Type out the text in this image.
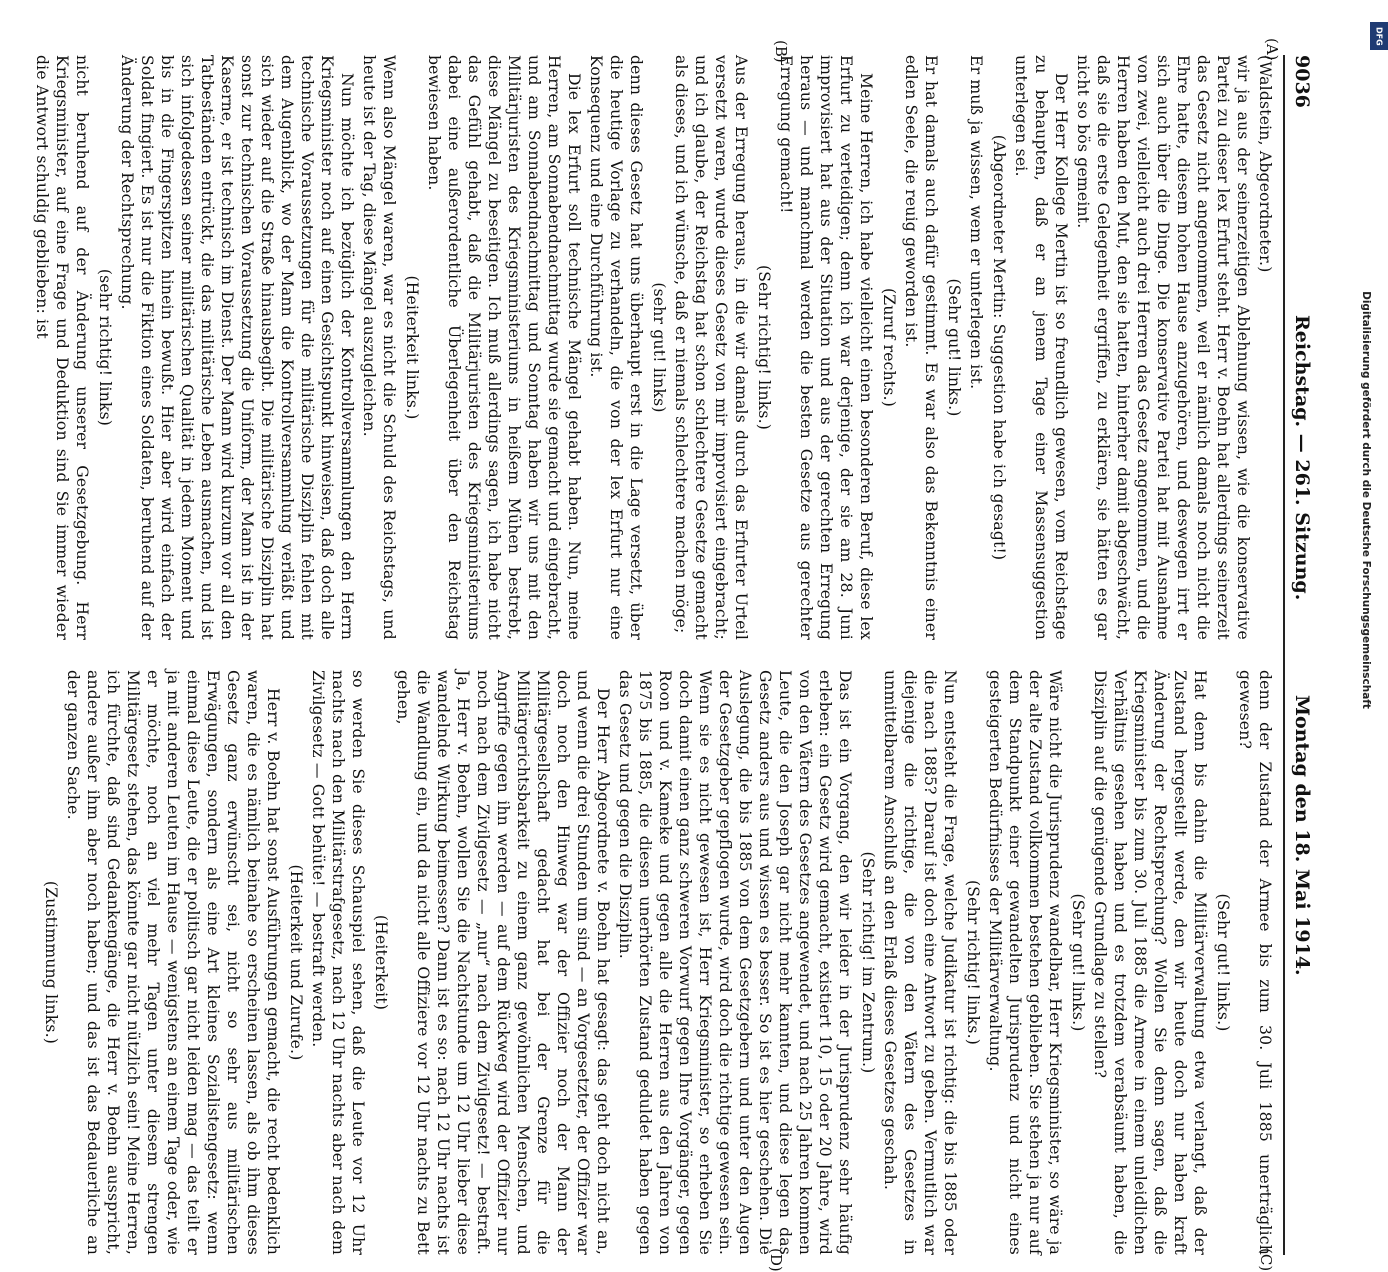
9036
Reichstag. — 261. Sitzung.
Montag den 18. Mai 1914.
(A)
(B)
(C)
(D)

(Waldstein, Abgeordneter.)

wir ja aus der seinerzeitigen Ablehnung wissen, wie die konservative Partei zu dieser lex Erfurt steht. Herr v. Boehn hat allerdings seinerzeit das Gesetz nicht angenommen, weil er nämlich damals noch nicht die Ehre hatte, diesem hohen Hause anzugehören, und deswegen irrt er sich auch über die Dinge. Die konservative Partei hat mit Ausnahme von zwei, vielleicht auch drei Herren das Gesetz angenommen, und die Herren haben den Mut, den sie hatten, hinterher damit abgeschwächt, daß sie die erste Gelegenheit ergriffen, zu erklären, sie hätten es gar nicht so bös gemeint.

Der Herr Kollege Mertin ist so freundlich gewesen, vom Reichstage zu behaupten, daß er an jenem Tage einer Massensuggestion unterlegen sei.

(Abgeordneter Mertin: Suggestion habe ich gesagt!)

Er muß ja wissen, wem er unterlegen ist.

(Sehr gut! links.)

Er hat damals auch dafür gestimmt. Es war also das Bekenntnis einer edlen Seele, die reuig geworden ist.

(Zuruf rechts.)

Meine Herren, ich habe vielleicht einen besonderen Beruf, diese lex Erfurt zu verteidigen; denn ich war derjenige, der sie am 28. Juni improvisiert hat aus der Situation und aus der gerechten Erregung heraus — und manchmal werden die besten Gesetze aus gerechter Erregung gemacht!

(Sehr richtig! links.)

Aus der Erregung heraus, in die wir damals durch das Erfurter Urteil versetzt waren, wurde dieses Gesetz von mir improvisiert eingebracht; und ich glaube, der Reichstag hat schon schlechtere Gesetze gemacht als dieses, und ich wünsche, daß er niemals schlechtere machen möge;

(sehr gut! links)

denn dieses Gesetz hat uns überhaupt erst in die Lage versetzt, über die heutige Vorlage zu verhandeln, die von der lex Erfurt nur eine Konsequenz und eine Durchführung ist.

Die lex Erfurt soll technische Mängel gehabt haben. Nun, meine Herren, am Sonnabendnachmittag wurde sie gemacht und eingebracht, und am Sonnabendnachmittag und Sonntag haben wir uns mit den Militärjuristen des Kriegsministeriums in heißem Mühen bestrebt, diese Mängel zu beseitigen. Ich muß allerdings sagen, ich habe nicht das Gefühl gehabt, daß die Militärjuristen des Kriegsministeriums dabei eine außerordentliche Überlegenheit über den Reichstag bewiesen haben.

(Heiterkeit links.)

Wenn also Mängel waren, war es nicht die Schuld des Reichstags, und heute ist der Tag, diese Mängel auszugleichen.

Nun möchte ich bezüglich der Kontrollversammlungen den Herrn Kriegsminister noch auf einen Gesichtspunkt hinweisen, daß doch alle technische Voraussetzungen für die militärische Disziplin fehlen mit dem Augenblick, wo der Mann die Kontrollversammlung verläßt und sich wieder auf die Straße hinausbegibt. Die militärische Disziplin hat sonst zur technischen Voraussetzung die Uniform, der Mann ist in der Kaserne, er ist technisch im Dienst. Der Mann wird kurzum vor all den Tatbeständen entrückt, die das militärische Leben ausmachen, und ist sich infolgedessen seiner militärischen Qualität in jedem Moment und bis in die Fingerspitzen hinein bewußt. Hier aber wird einfach der Soldat fingiert. Es ist nur die Fiktion eines Soldaten, beruhend auf der Änderung der Rechtsprechung.

(sehr richtig! links)

nicht beruhend auf der Änderung unserer Gesetzgebung. Herr Kriegsminister, auf eine Frage und Deduktion sind Sie immer wieder die Antwort schuldig geblieben: ist

denn der Zustand der Armee bis zum 30. Juli 1885 unerträglich gewesen?

(Sehr gut! links.)

Hat denn bis dahin die Militärverwaltung etwa verlangt, daß der Zustand hergestellt werde, den wir heute doch nur haben kraft Änderung der Rechtsprechung? Wollen Sie denn sagen, daß die Kriegsminister bis zum 30. Juli 1885 die Armee in einem unleidlichen Verhältnis gesehen haben und es trotzdem verabsäumt haben, die Disziplin auf die genügende Grundlage zu stellen?

(Sehr gut! links.)

Wäre nicht die Jurisprudenz wandelbar, Herr Kriegsminister, so wäre ja der alte Zustand vollkommen bestehen geblieben. Sie stehen ja nur auf dem Standpunkt einer gewandelten Jurisprudenz und nicht eines gesteigerten Bedürfnisses der Militärverwaltung.

(Sehr richtig! links.)

Nun entsteht die Frage, welche Judikatur ist richtig: die bis 1885 oder die nach 1885? Darauf ist doch eine Antwort zu geben. Vermutlich war diejenige die richtige, die von den Vätern des Gesetzes in unmittelbarem Anschluß an den Erlaß dieses Gesetzes geschah.

(Sehr richtig! im Zentrum.)

Das ist ein Vorgang, den wir leider in der Jurisprudenz sehr häufig erleben: ein Gesetz wird gemacht, existiert 10, 15 oder 20 Jahre, wird von den Vätern des Gesetzes angewendet, und nach 25 Jahren kommen Leute, die den Joseph gar nicht mehr kannten, und diese legen das Gesetz anders aus und wissen es besser. So ist es hier geschehen. Die Auslegung, die bis 1885 von dem Gesetzgebern und unter den Augen der Gesetzgeber gepflogen wurde, wird doch die richtige gewesen sein. Wenn sie es nicht gewesen ist, Herr Kriegsminister, so erheben Sie doch damit einen ganz schweren Vorwurf gegen Ihre Vorgänger, gegen Roon und v. Kameke und gegen alle die Herren aus den Jahren von 1875 bis 1885, die diesen unerhörten Zustand geduldet haben gegen das Gesetz und gegen die Disziplin.

Der Herr Abgeordnete v. Boehn hat gesagt: das geht doch nicht an, und wenn die drei Stunden um sind — an Vorgesetzter, der Offizier war doch noch den Hinweg war der Offizier noch der Mann der Militärgesellschaft gedacht hat bei der Grenze für die Militärgerichtsbarkeit zu einem ganz gewöhnlichen Menschen, und Angriffe gegen ihn werden — auf dem Rückweg wird der Offizier nur noch nach dem Zivilgesetz — „nur“ nach dem Zivilgesetz! — bestraft. Ja, Herr v. Boehn, wollen Sie die Nachtstunde um 12 Uhr lieber diese wandelnde Wirkung beimessen? Dann ist es so: nach 12 Uhr nachts ist die Wandlung ein, und da nicht alle Offiziere vor 12 Uhr nachts zu Bett gehen,

(Heiterkeit)

so werden Sie dieses Schauspiel sehen, daß die Leute vor 12 Uhr nachts nach den Militärstrafgesetz, nach 12 Uhr nachts aber nach dem Zivilgesetz — Gott behüte! — bestraft werden.

(Heiterkeit und Zurufe.)

Herr v. Boehn hat sonst Ausführungen gemacht, die recht bedenklich waren, die es nämlich beinahe so erscheinen lassen, als ob ihm dieses Gesetz ganz erwünscht sei, nicht so sehr aus militärischen Erwägungen, sondern als eine Art kleines Sozialistengesetz: wenn einmal diese Leute, die er politisch gar nicht leiden mag — das teilt er ja mit anderen Leuten im Hause — wenigstens an einem Tage oder, wie er möchte, noch an viel mehr Tagen unter diesem strengen Militärgesetz stehen, das könnte gar nicht nützlich sein! Meine Herren, ich fürchte, daß sind Gedankengänge, die Herr v. Boehn ausspricht, andere außer ihm aber noch haben; und das ist das Bedauerliche an der ganzen Sache.

(Zustimmung links.)

DFG
Digitalisierung gefördert durch die Deutsche Forschungsgemeinschaft
